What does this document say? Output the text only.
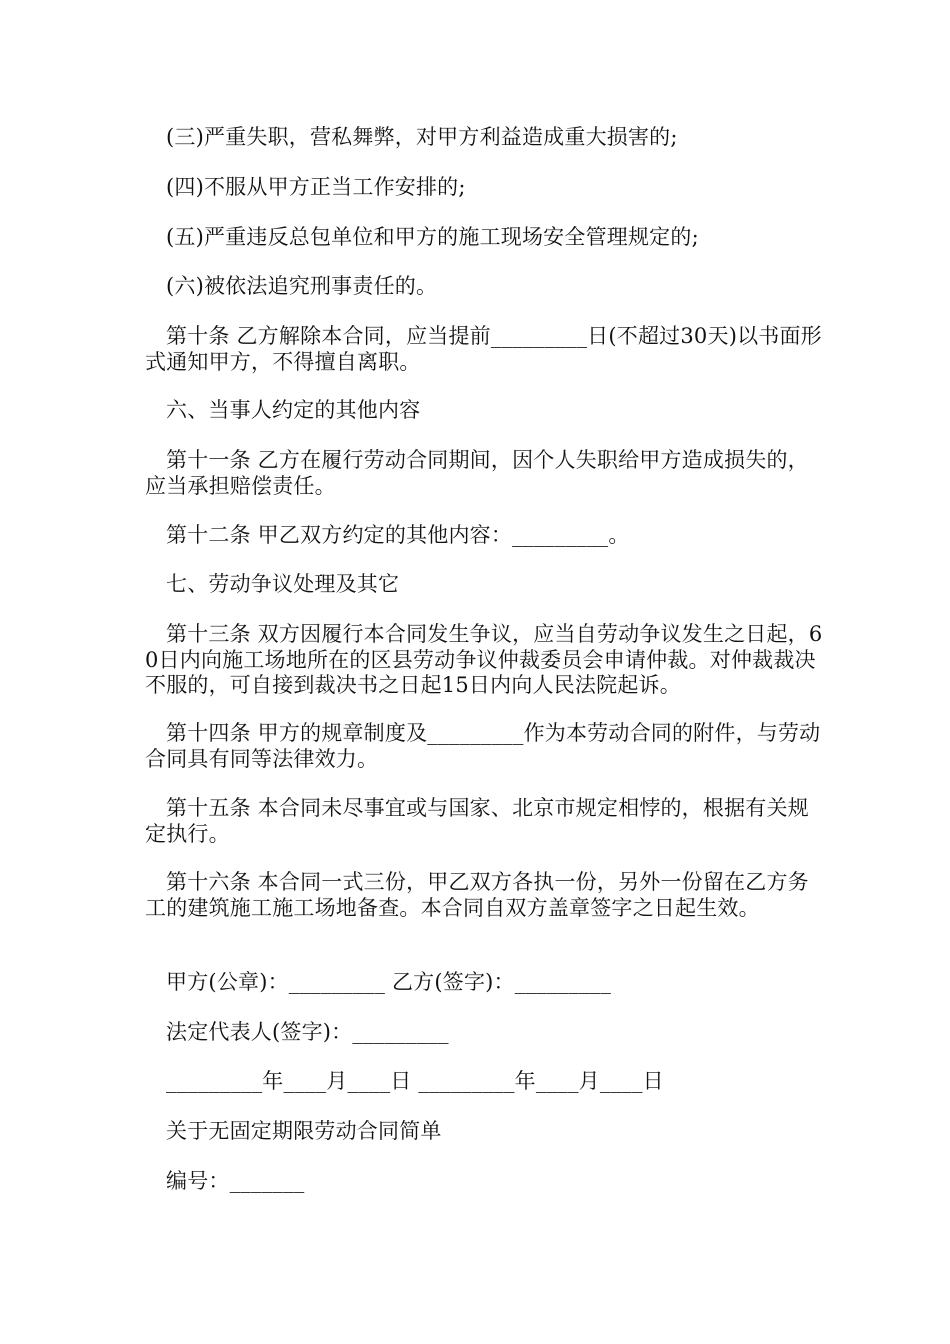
(三)严重失职，营私舞弊，对甲方利益造成重大损害的;

(四)不服从甲方正当工作安排的;

(五)严重违反总包单位和甲方的施工现场安全管理规定的;

(六)被依法追究刑事责任的。

第十条 乙方解除本合同，应当提前_________日(不超过30天)以书面形式通知甲方，不得擅自离职。

六、当事人约定的其他内容

第十一条 乙方在履行劳动合同期间，因个人失职给甲方造成损失的，应当承担赔偿责任。

第十二条 甲乙双方约定的其他内容：_________。

七、劳动争议处理及其它

第十三条 双方因履行本合同发生争议，应当自劳动争议发生之日起，60日内向施工场地所在的区县劳动争议仲裁委员会申请仲裁。对仲裁裁决不服的，可自接到裁决书之日起15日内向人民法院起诉。

第十四条 甲方的规章制度及_________作为本劳动合同的附件，与劳动合同具有同等法律效力。

第十五条 本合同未尽事宜或与国家、北京市规定相悖的，根据有关规定执行。

第十六条 本合同一式三份，甲乙双方各执一份，另外一份留在乙方务工的建筑施工施工场地备查。本合同自双方盖章签字之日起生效。

甲方(公章)：_________ 乙方(签字)：_________

法定代表人(签字)：_________

_________年____月____日 _________年____月____日

关于无固定期限劳动合同简单

编号：_______
